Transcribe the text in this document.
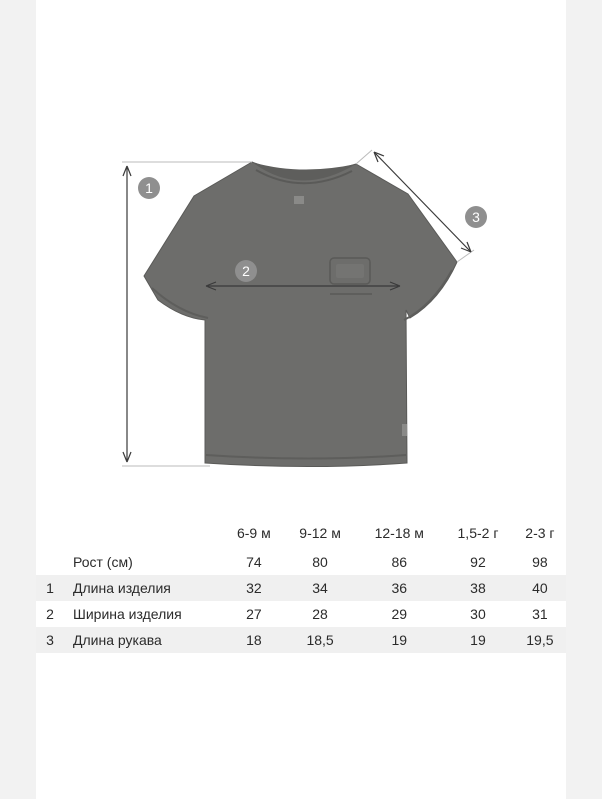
1
2
3
		6-9 м	9-12 м	12-18 м	1,5-2 г	2-3 г
	Рост (см)	74	80	86	92	98
1	Длина изделия	32	34	36	38	40
2	Ширина изделия	27	28	29	30	31
3	Длина рукава	18	18,5	19	19	19,5
